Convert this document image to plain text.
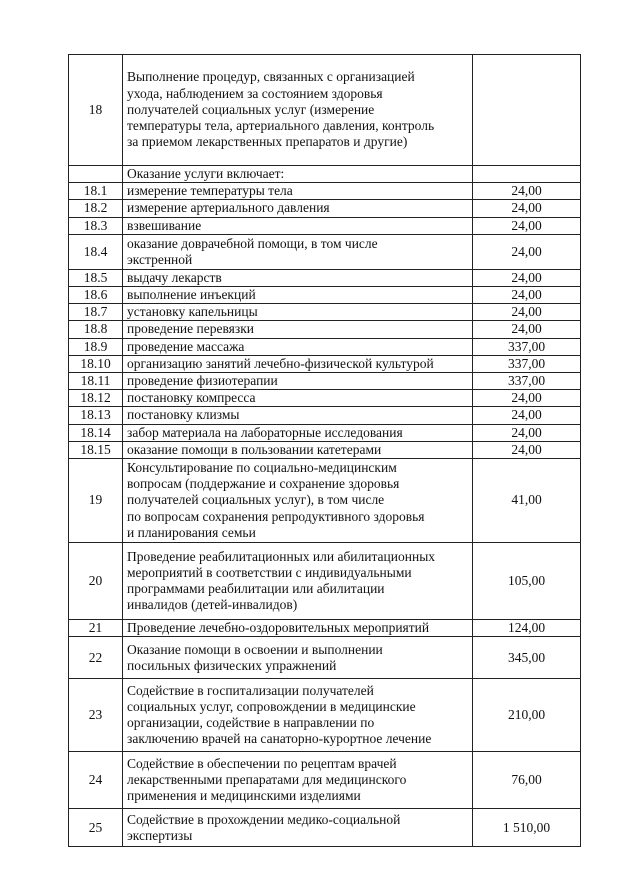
18	Выполнение процедур, связанных с организацией
ухода, наблюдением за состоянием здоровья
получателей социальных услуг (измерение
температуры тела, артериального давления, контроль
за приемом лекарственных препаратов и другие)	
	Оказание услуги включает:	
18.1	измерение температуры тела	24,00
18.2	измерение артериального давления	24,00
18.3	взвешивание	24,00
18.4	оказание доврачебной помощи, в том числе
экстренной	24,00
18.5	выдачу лекарств	24,00
18.6	выполнение инъекций	24,00
18.7	установку капельницы	24,00
18.8	проведение перевязки	24,00
18.9	проведение массажа	337,00
18.10	организацию занятий лечебно-физической культурой	337,00
18.11	проведение физиотерапии	337,00
18.12	постановку компресса	24,00
18.13	постановку клизмы	24,00
18.14	забор материала на лабораторные исследования	24,00
18.15	оказание помощи в пользовании катетерами	24,00
19	Консультирование по социально-медицинским
вопросам (поддержание и сохранение здоровья
получателей социальных услуг), в том числе
по вопросам сохранения репродуктивного здоровья
и планирования семьи	41,00
20	Проведение реабилитационных или абилитационных
мероприятий в соответствии с индивидуальными
программами реабилитации или абилитации
инвалидов (детей-инвалидов)	105,00
21	Проведение лечебно-оздоровительных мероприятий	124,00
22	Оказание помощи в освоении и выполнении
посильных физических упражнений	345,00
23	Содействие в госпитализации получателей
социальных услуг, сопровождении в медицинские
организации, содействие в направлении по
заключению врачей на санаторно-курортное лечение	210,00
24	Содействие в обеспечении по рецептам врачей
лекарственными препаратами для медицинского
применения и медицинскими изделиями	76,00
25	Содействие в прохождении медико-социальной
экспертизы	1 510,00
